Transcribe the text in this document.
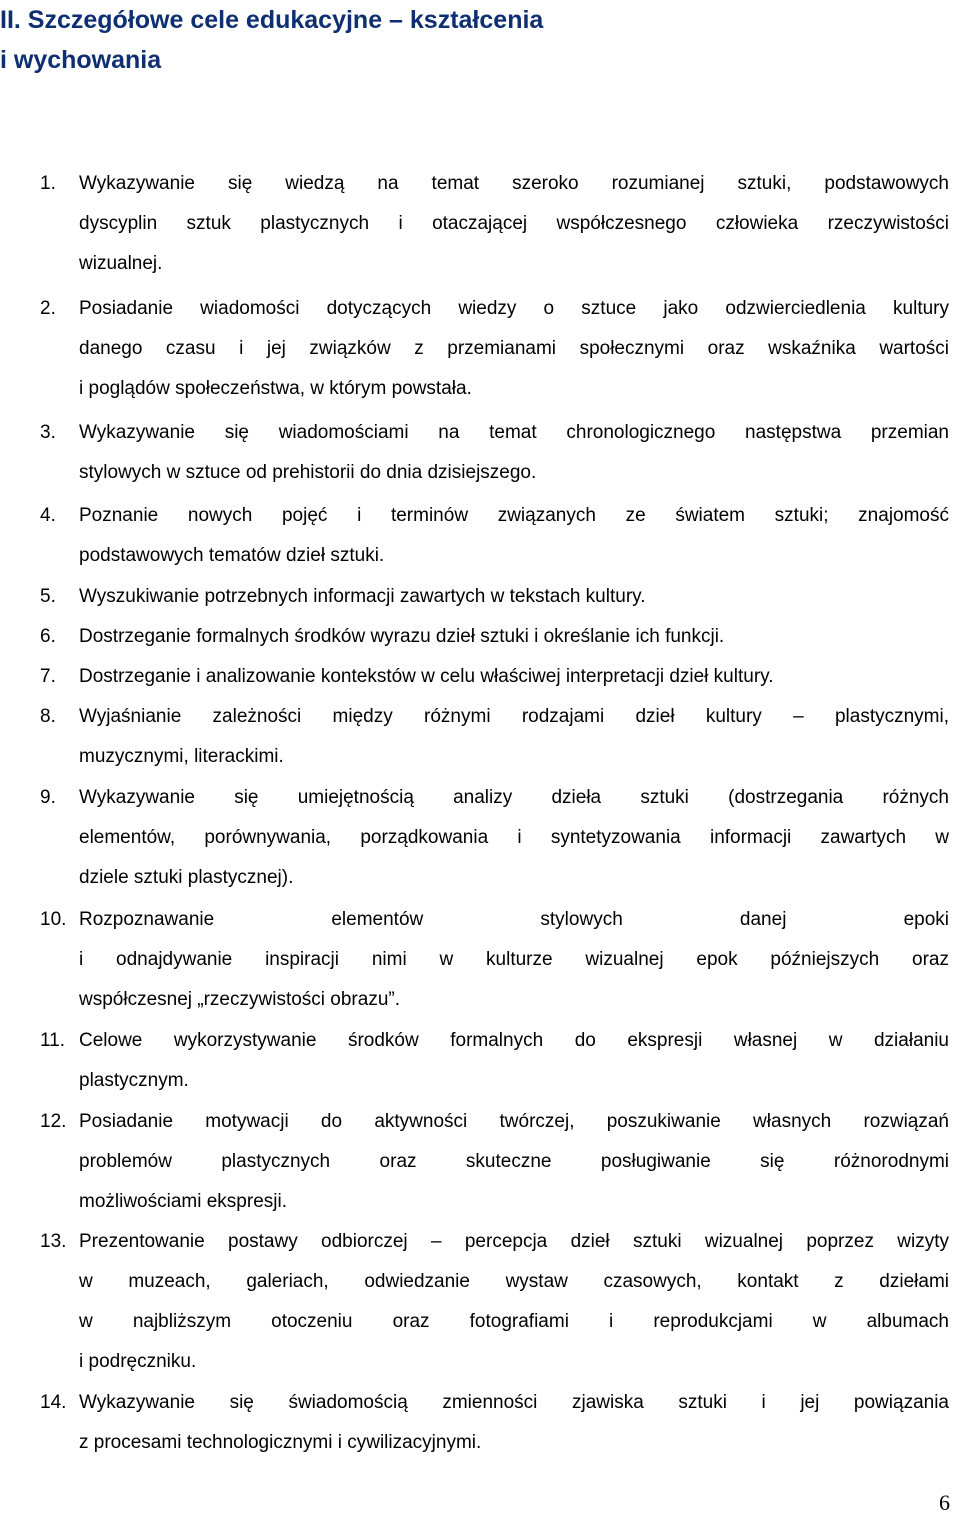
II. Szczegółowe cele edukacyjne – kształcenia
i wychowania
1. Wykazywanie się wiedzą na temat szeroko rozumianej sztuki, podstawowych
dyscyplin sztuk plastycznych i otaczającej współczesnego człowieka rzeczywistości
wizualnej.
2. Posiadanie wiadomości dotyczących wiedzy o sztuce jako odzwierciedlenia kultury
danego czasu i jej związków z przemianami społecznymi oraz wskaźnika wartości
i poglądów społeczeństwa, w którym powstała.
3. Wykazywanie się wiadomościami na temat chronologicznego następstwa przemian
stylowych w sztuce od prehistorii do dnia dzisiejszego.
4. Poznanie nowych pojęć i terminów związanych ze światem sztuki; znajomość
podstawowych tematów dzieł sztuki.
5. Wyszukiwanie potrzebnych informacji zawartych w tekstach kultury.
6. Dostrzeganie formalnych środków wyrazu dzieł sztuki i określanie ich funkcji.
7. Dostrzeganie i analizowanie kontekstów w celu właściwej interpretacji dzieł kultury.
8. Wyjaśnianie zależności między różnymi rodzajami dzieł kultury – plastycznymi,
muzycznymi, literackimi.
9. Wykazywanie się umiejętnością analizy dzieła sztuki (dostrzegania różnych
elementów, porównywania, porządkowania i syntetyzowania informacji zawartych w
dziele sztuki plastycznej).
10. Rozpoznawanie elementów stylowych danej epoki
i odnajdywanie inspiracji nimi w kulturze wizualnej epok późniejszych oraz
współczesnej „rzeczywistości obrazu”.
11. Celowe wykorzystywanie środków formalnych do ekspresji własnej w działaniu
plastycznym.
12. Posiadanie motywacji do aktywności twórczej, poszukiwanie własnych rozwiązań
problemów plastycznych oraz skuteczne posługiwanie się różnorodnymi
możliwościami ekspresji.
13. Prezentowanie postawy odbiorczej – percepcja dzieł sztuki wizualnej poprzez wizyty
w muzeach, galeriach, odwiedzanie wystaw czasowych, kontakt z dziełami
w najbliższym otoczeniu oraz fotografiami i reprodukcjami w albumach
i podręczniku.
14. Wykazywanie się świadomością zmienności zjawiska sztuki i jej powiązania
z procesami technologicznymi i cywilizacyjnymi.
6
